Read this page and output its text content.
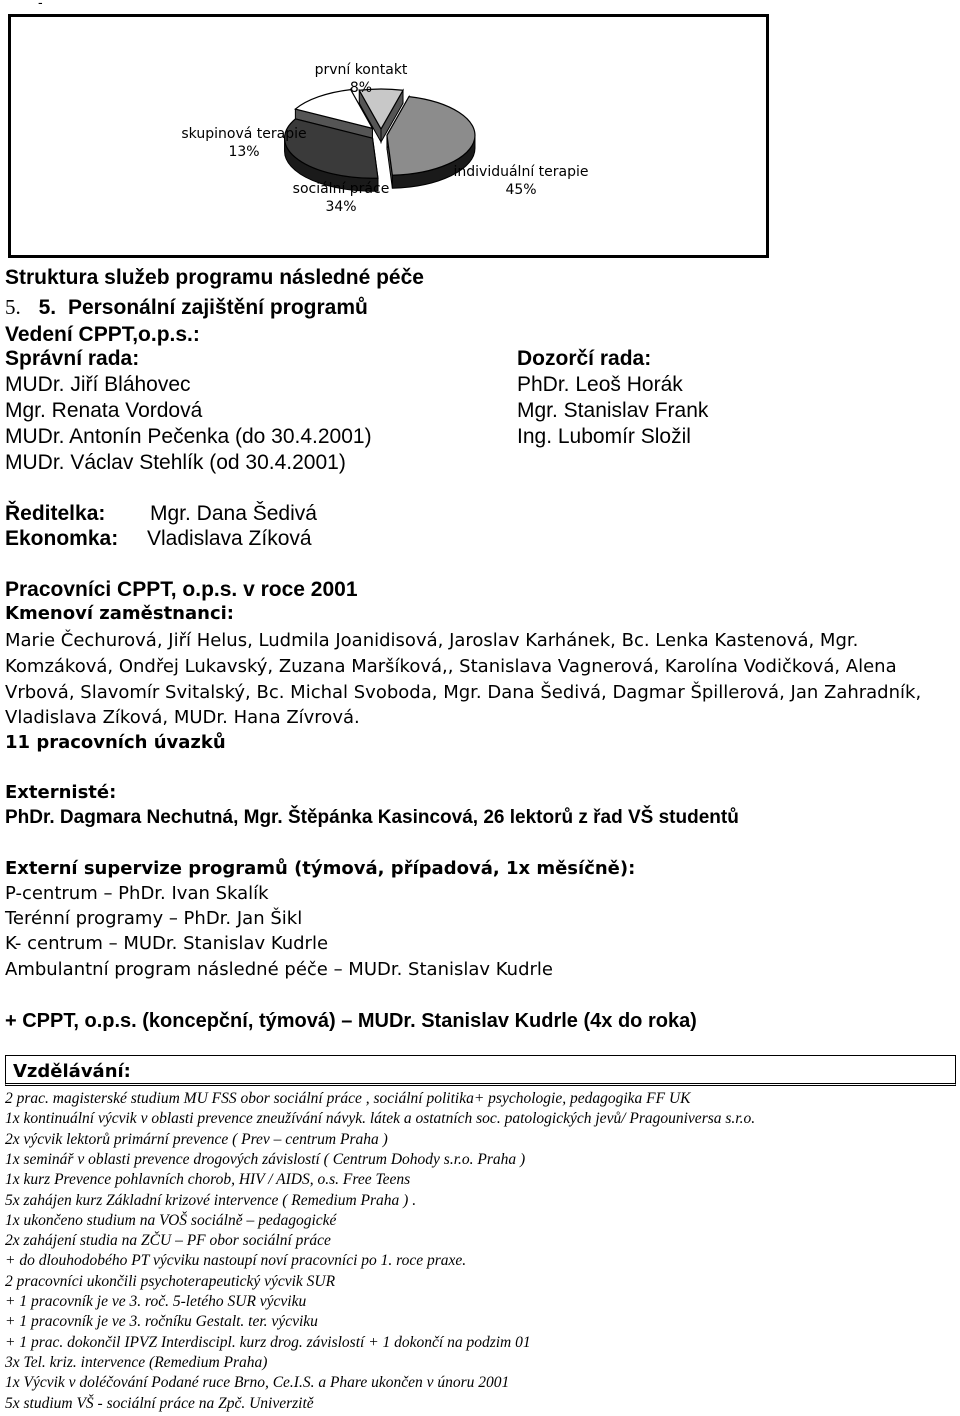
-
první kontakt
8%
skupinová terapie
13%
sociální práce
34%
individuální terapie
45%
Struktura služeb programu následné péče
5. 5. Personální zajištění programů
Vedení CPPT,o.p.s.:
Správní rada:
MUDr. Jiří Bláhovec
Mgr. Renata Vordová
MUDr. Antonín Pečenka (do 30.4.2001)
MUDr. Václav Stehlík (od 30.4.2001)
Dozorčí rada:
PhDr. Leoš Horák
Mgr. Stanislav Frank
Ing. Lubomír Složil
Ředitelka: Mgr. Dana Šedivá
Ekonomka: Vladislava Zíková
Pracovníci CPPT, o.p.s. v roce 2001
Kmenoví zaměstnanci:
Marie Čechurová, Jiří Helus, Ludmila Joanidisová, Jaroslav Karhánek, Bc. Lenka Kastenová, Mgr.
Komzáková, Ondřej Lukavský, Zuzana Maršíková,, Stanislava Vagnerová, Karolína Vodičková, Alena
Vrbová, Slavomír Svitalský, Bc. Michal Svoboda, Mgr. Dana Šedivá, Dagmar Špillerová, Jan Zahradník,
Vladislava Zíková, MUDr. Hana Zívrová.
11 pracovních úvazků
Externisté:
PhDr. Dagmara Nechutná, Mgr. Štěpánka Kasincová, 26 lektorů z řad VŠ studentů
Externí supervize programů (týmová, případová, 1x měsíčně):
P-centrum – PhDr. Ivan Skalík
Terénní programy – PhDr. Jan Šikl
K- centrum – MUDr. Stanislav Kudrle
Ambulantní program následné péče – MUDr. Stanislav Kudrle
+ CPPT, o.p.s. (koncepční, týmová) – MUDr. Stanislav Kudrle (4x do roka)
Vzdělávání:
2 prac. magisterské studium MU FSS obor sociální práce , sociální politika+ psychologie, pedagogika FF UK
1x kontinuální výcvik v oblasti prevence zneužívání návyk. látek a ostatních soc. patologických jevů/ Pragouniversa s.r.o.
2x výcvik lektorů primární prevence ( Prev – centrum Praha )
1x seminář v oblasti prevence drogových závislostí ( Centrum Dohody s.r.o. Praha )
1x kurz Prevence pohlavních chorob, HIV / AIDS, o.s. Free Teens
5x zahájen kurz Základní krizové intervence ( Remedium Praha ) .
1x ukončeno studium na VOŠ sociálně – pedagogické
2x zahájení studia na ZČU – PF obor sociální práce
+ do dlouhodobého PT výcviku nastoupí noví pracovníci po 1. roce praxe.
2 pracovníci ukončili psychoterapeutický výcvik SUR
+ 1 pracovník je ve 3. roč. 5-letého SUR výcviku
+ 1 pracovník je ve 3. ročníku Gestalt. ter. výcviku
+ 1 prac. dokončil IPVZ Interdiscipl. kurz drog. závislostí + 1 dokončí na podzim 01
3x Tel. kriz. intervence (Remedium Praha)
1x Výcvik v doléčování Podané ruce Brno, Ce.I.S. a Phare ukončen v únoru 2001
5x studium VŠ - sociální práce na Zpč. Univerzitě
